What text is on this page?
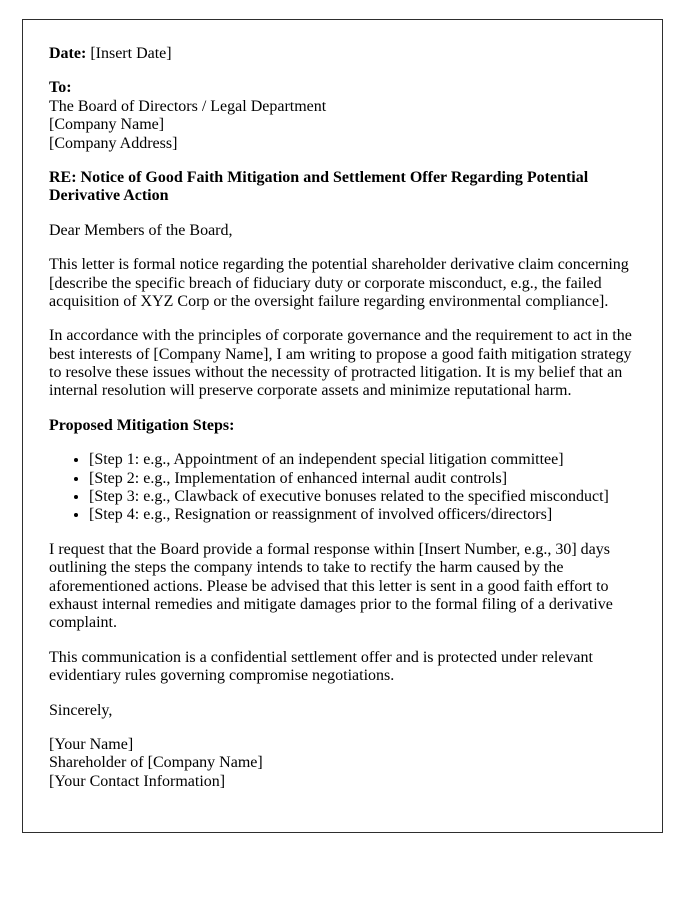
Date: [Insert Date]

To:
The Board of Directors / Legal Department
[Company Name]
[Company Address]

RE: Notice of Good Faith Mitigation and Settlement Offer Regarding Potential Derivative Action

Dear Members of the Board,

This letter is formal notice regarding the potential shareholder derivative claim concerning [describe the specific breach of fiduciary duty or corporate misconduct, e.g., the failed acquisition of XYZ Corp or the oversight failure regarding environmental compliance].

In accordance with the principles of corporate governance and the requirement to act in the best interests of [Company Name], I am writing to propose a good faith mitigation strategy to resolve these issues without the necessity of protracted litigation. It is my belief that an internal resolution will preserve corporate assets and minimize reputational harm.

Proposed Mitigation Steps:

• [Step 1: e.g., Appointment of an independent special litigation committee]
• [Step 2: e.g., Implementation of enhanced internal audit controls]
• [Step 3: e.g., Clawback of executive bonuses related to the specified misconduct]
• [Step 4: e.g., Resignation or reassignment of involved officers/directors]

I request that the Board provide a formal response within [Insert Number, e.g., 30] days outlining the steps the company intends to take to rectify the harm caused by the aforementioned actions. Please be advised that this letter is sent in a good faith effort to exhaust internal remedies and mitigate damages prior to the formal filing of a derivative complaint.

This communication is a confidential settlement offer and is protected under relevant evidentiary rules governing compromise negotiations.

Sincerely,

[Your Name]
Shareholder of [Company Name]
[Your Contact Information]
